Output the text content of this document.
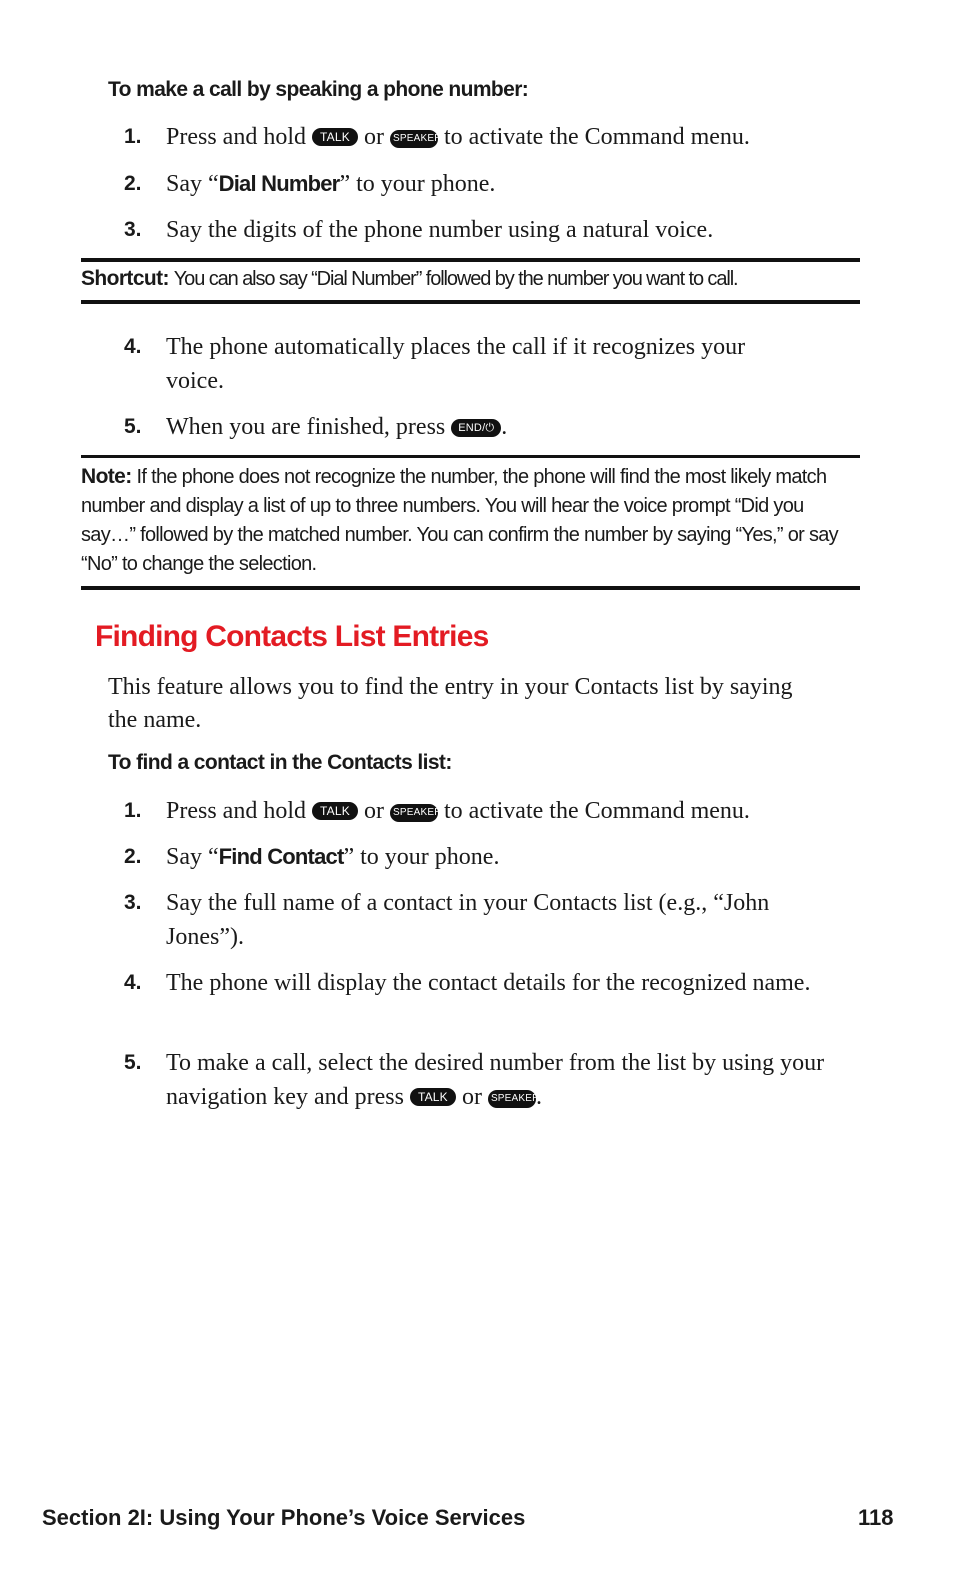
To make a call by speaking a phone number:
1. Press and hold TALK or SPEAKER to activate the Command menu.
2. Say “Dial Number” to your phone.
3. Say the digits of the phone number using a natural voice.
Shortcut: You can also say “Dial Number” followed by the number you want to call.
4. The phone automatically places the call if it recognizes your voice.
5. When you are finished, press END/⏻ .
Note: If the phone does not recognize the number, the phone will find the most likely match number and display a list of up to three numbers. You will hear the voice prompt “Did you say…” followed by the matched number. You can confirm the number by saying “Yes,” or say “No” to change the selection.
Finding Contacts List Entries
This feature allows you to find the entry in your Contacts list by saying the name.
To find a contact in the Contacts list:
1. Press and hold TALK or SPEAKER to activate the Command menu.
2. Say “Find Contact” to your phone.
3. Say the full name of a contact in your Contacts list (e.g., “John Jones”).
4. The phone will display the contact details for the recognized name.
5. To make a call, select the desired number from the list by using your navigation key and press TALK or SPEAKER.
Section 2I: Using Your Phone’s Voice Services	118
